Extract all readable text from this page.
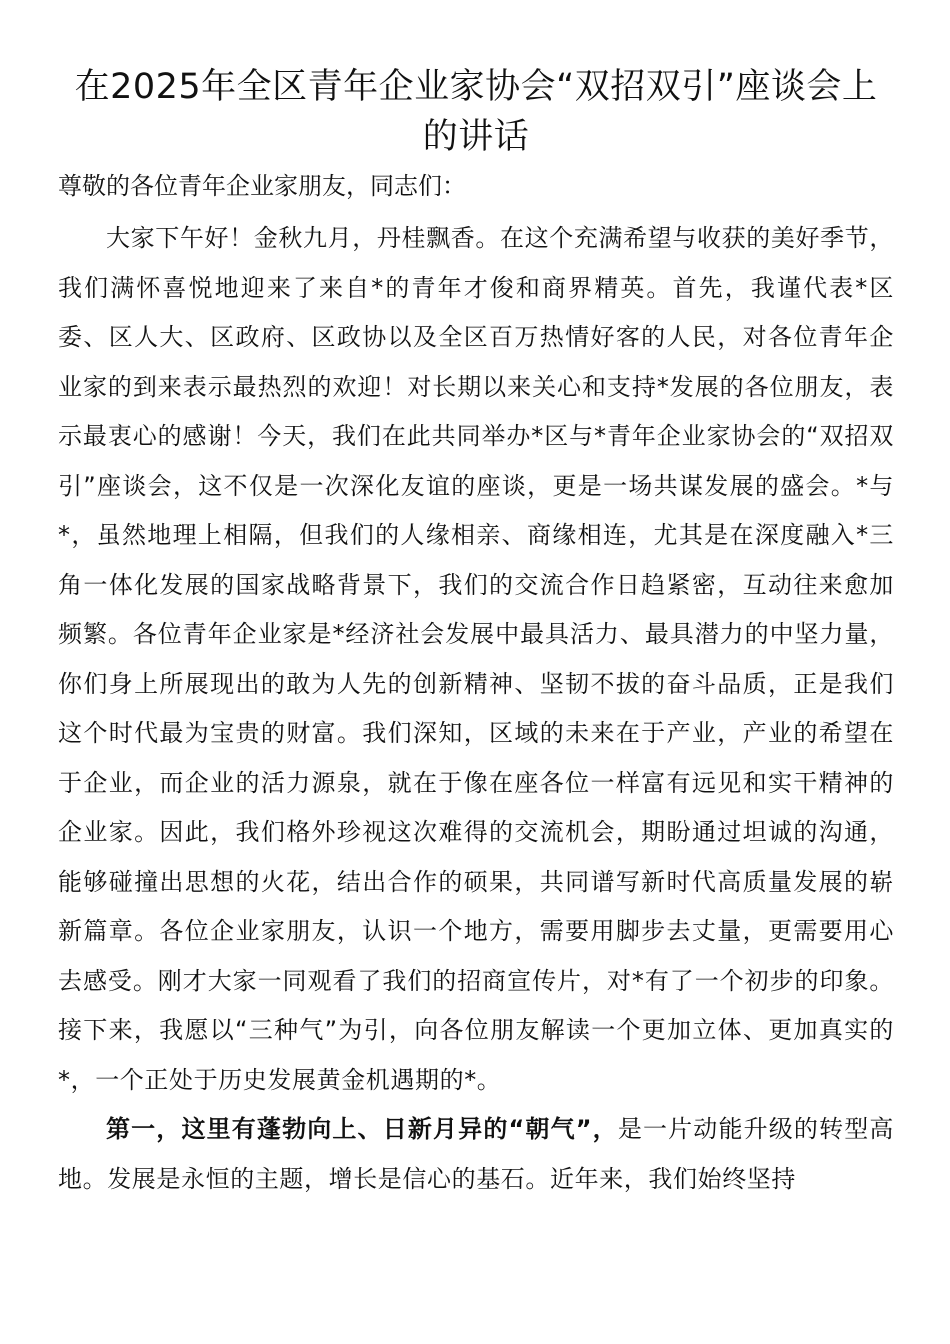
在2025年全区青年企业家协会“双招双引”座谈会上的讲话

尊敬的各位青年企业家朋友，同志们：

大家下午好！金秋九月，丹桂飘香。在这个充满希望与收获的美好季节，我们满怀喜悦地迎来了来自*的青年才俊和商界精英。首先，我谨代表*区委、区人大、区政府、区政协以及全区百万热情好客的人民，对各位青年企业家的到来表示最热烈的欢迎！对长期以来关心和支持*发展的各位朋友，表示最衷心的感谢！今天，我们在此共同举办*区与*青年企业家协会的“双招双引”座谈会，这不仅是一次深化友谊的座谈，更是一场共谋发展的盛会。*与*，虽然地理上相隔，但我们的人缘相亲、商缘相连，尤其是在深度融入*三角一体化发展的国家战略背景下，我们的交流合作日趋紧密，互动往来愈加频繁。各位青年企业家是*经济社会发展中最具活力、最具潜力的中坚力量，你们身上所展现出的敢为人先的创新精神、坚韧不拔的奋斗品质，正是我们这个时代最为宝贵的财富。我们深知，区域的未来在于产业，产业的希望在于企业，而企业的活力源泉，就在于像在座各位一样富有远见和实干精神的企业家。因此，我们格外珍视这次难得的交流机会，期盼通过坦诚的沟通，能够碰撞出思想的火花，结出合作的硕果，共同谱写新时代高质量发展的崭新篇章。各位企业家朋友，认识一个地方，需要用脚步去丈量，更需要用心去感受。刚才大家一同观看了我们的招商宣传片，对*有了一个初步的印象。接下来，我愿以“三种气”为引，向各位朋友解读一个更加立体、更加真实的*，一个正处于历史发展黄金机遇期的*。

第一，这里有蓬勃向上、日新月异的“朝气”，是一片动能升级的转型高地。发展是永恒的主题，增长是信心的基石。近年来，我们始终坚持
